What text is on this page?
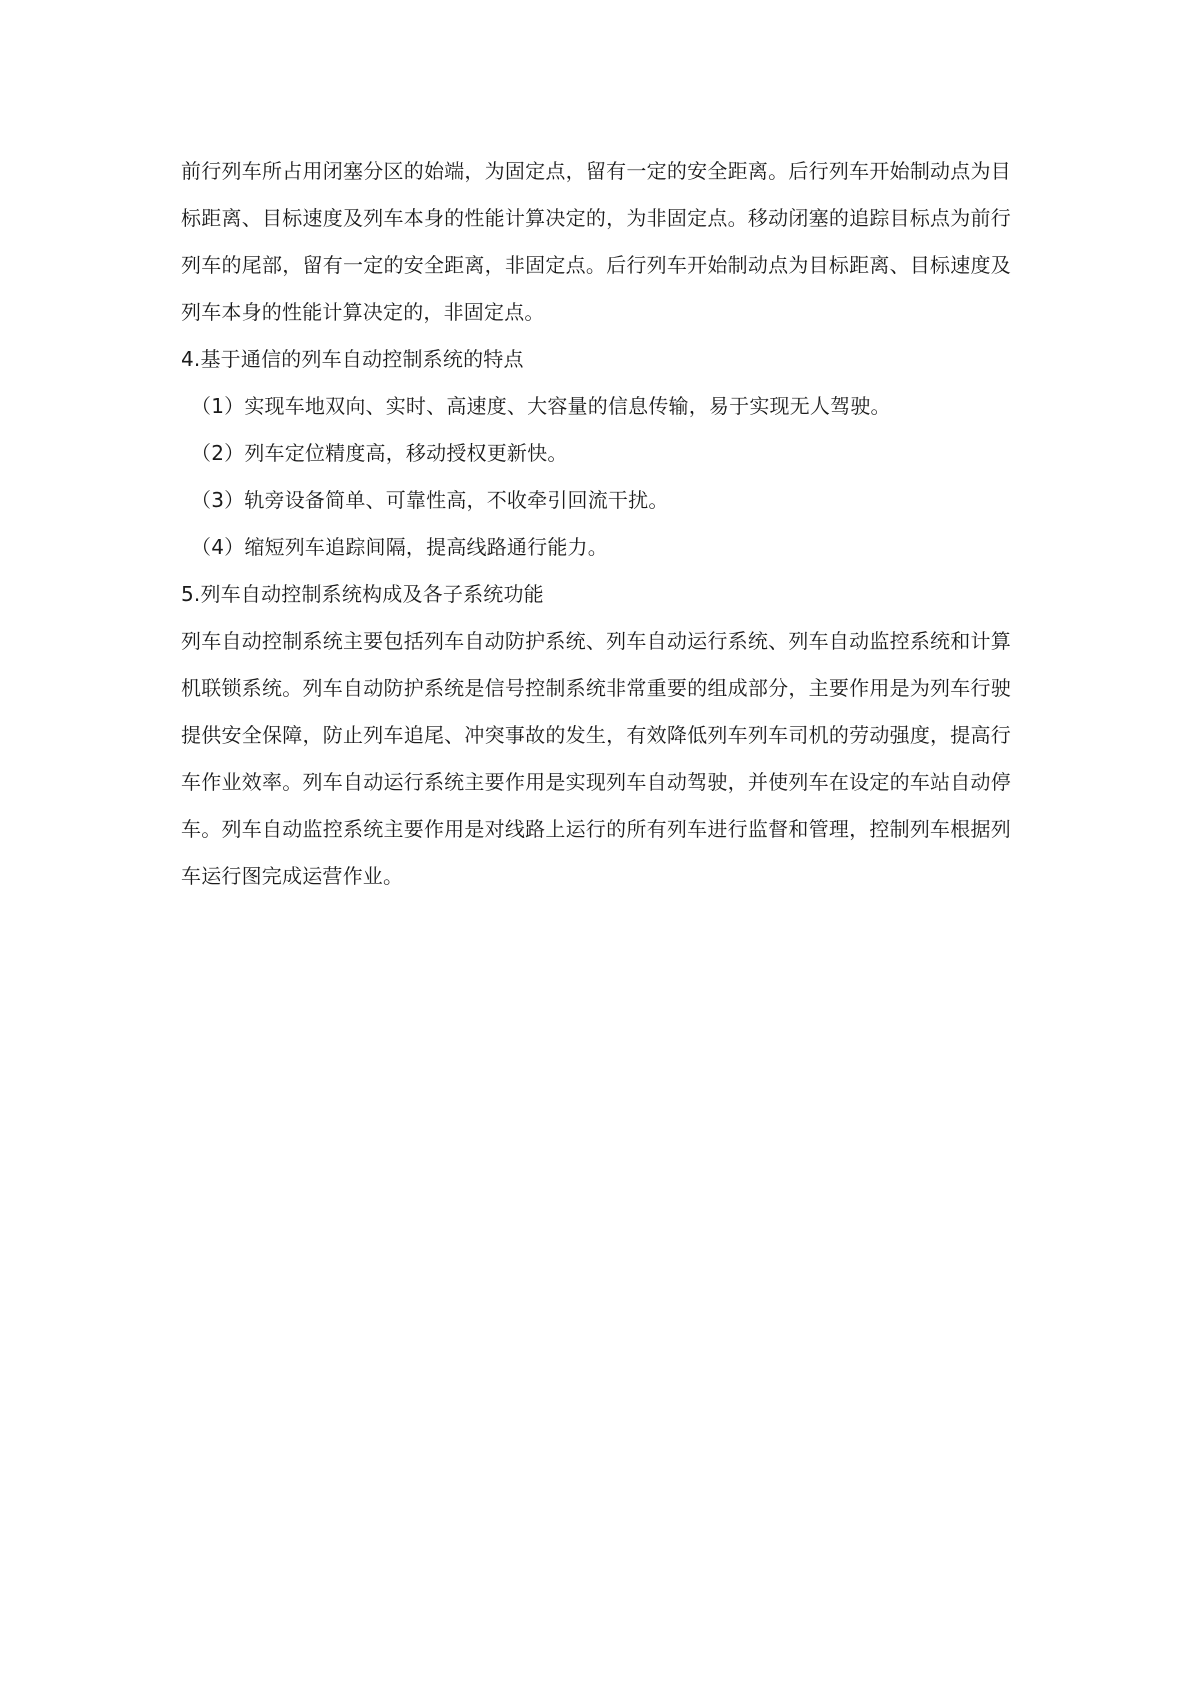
前行列车所占用闭塞分区的始端，为固定点，留有一定的安全距离。后行列车开始制动点为目标距离、目标速度及列车本身的性能计算决定的，为非固定点。移动闭塞的追踪目标点为前行列车的尾部，留有一定的安全距离，非固定点。后行列车开始制动点为目标距离、目标速度及列车本身的性能计算决定的，非固定点。

4.基于通信的列车自动控制系统的特点
（1）实现车地双向、实时、高速度、大容量的信息传输，易于实现无人驾驶。
（2）列车定位精度高，移动授权更新快。
（3）轨旁设备简单、可靠性高，不收牵引回流干扰。
（4）缩短列车追踪间隔，提高线路通行能力。
5.列车自动控制系统构成及各子系统功能

列车自动控制系统主要包括列车自动防护系统、列车自动运行系统、列车自动监控系统和计算机联锁系统。列车自动防护系统是信号控制系统非常重要的组成部分，主要作用是为列车行驶提供安全保障，防止列车追尾、冲突事故的发生，有效降低列车列车司机的劳动强度，提高行车作业效率。列车自动运行系统主要作用是实现列车自动驾驶，并使列车在设定的车站自动停车。列车自动监控系统主要作用是对线路上运行的所有列车进行监督和管理，控制列车根据列车运行图完成运营作业。
